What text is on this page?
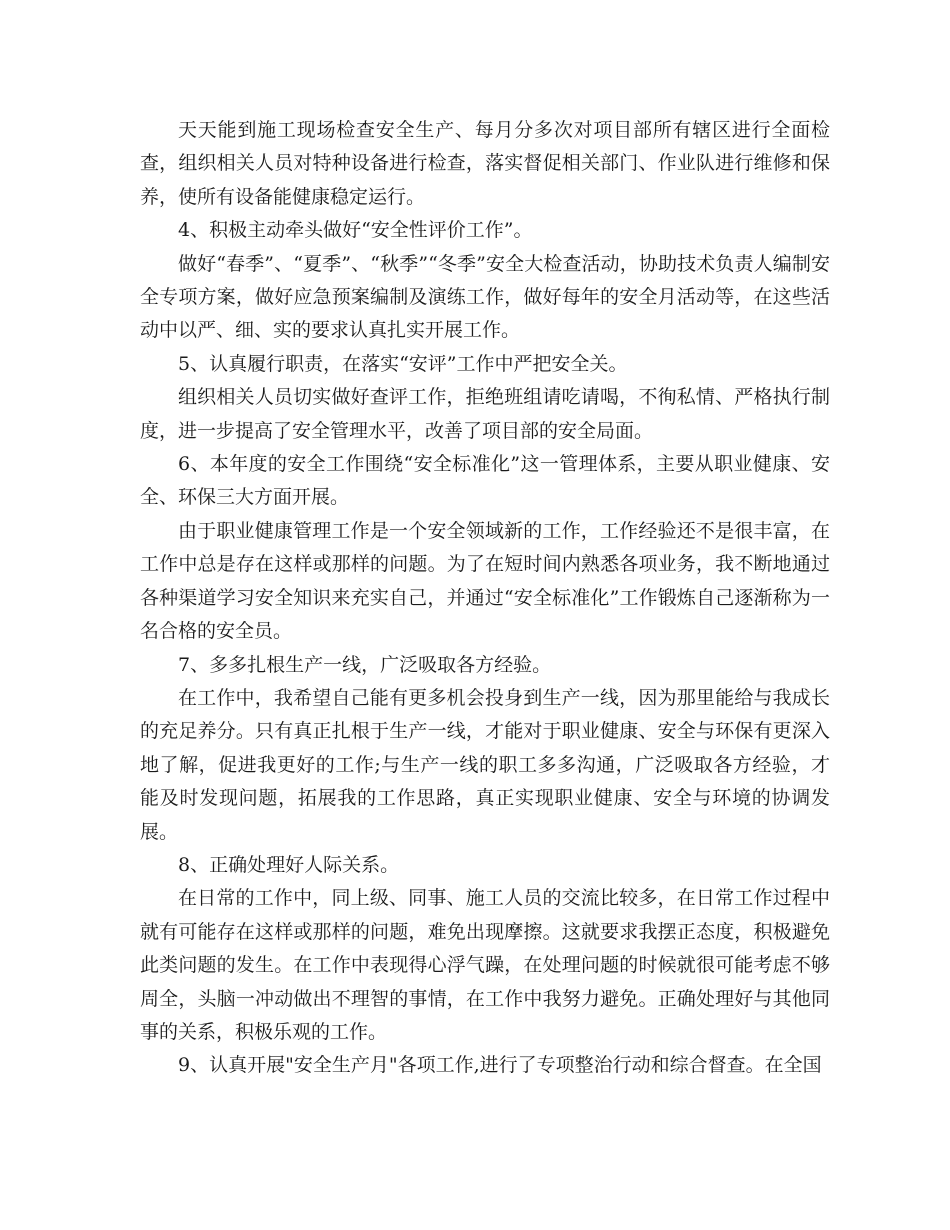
天天能到施工现场检查安全生产、每月分多次对项目部所有辖区进行全面检查，组织相关人员对特种设备进行检查，落实督促相关部门、作业队进行维修和保养，使所有设备能健康稳定运行。

4、积极主动牵头做好“安全性评价工作”。

做好“春季”、“夏季”、“秋季”“冬季”安全大检查活动，协助技术负责人编制安全专项方案，做好应急预案编制及演练工作，做好每年的安全月活动等，在这些活动中以严、细、实的要求认真扎实开展工作。

5、认真履行职责，在落实“安评”工作中严把安全关。

组织相关人员切实做好查评工作，拒绝班组请吃请喝，不徇私情、严格执行制度，进一步提高了安全管理水平，改善了项目部的安全局面。

6、本年度的安全工作围绕“安全标准化”这一管理体系，主要从职业健康、安全、环保三大方面开展。

由于职业健康管理工作是一个安全领域新的工作，工作经验还不是很丰富，在工作中总是存在这样或那样的问题。为了在短时间内熟悉各项业务，我不断地通过各种渠道学习安全知识来充实自己，并通过“安全标准化”工作锻炼自己逐渐称为一名合格的安全员。

7、多多扎根生产一线，广泛吸取各方经验。

在工作中，我希望自己能有更多机会投身到生产一线，因为那里能给与我成长的充足养分。只有真正扎根于生产一线，才能对于职业健康、安全与环保有更深入地了解，促进我更好的工作;与生产一线的职工多多沟通，广泛吸取各方经验，才能及时发现问题，拓展我的工作思路，真正实现职业健康、安全与环境的协调发展。

8、正确处理好人际关系。

在日常的工作中，同上级、同事、施工人员的交流比较多，在日常工作过程中就有可能存在这样或那样的问题，难免出现摩擦。这就要求我摆正态度，积极避免此类问题的发生。在工作中表现得心浮气躁，在处理问题的时候就很可能考虑不够周全，头脑一冲动做出不理智的事情，在工作中我努力避免。正确处理好与其他同事的关系，积极乐观的工作。

9、认真开展"安全生产月"各项工作,进行了专项整治行动和综合督查。在全国
